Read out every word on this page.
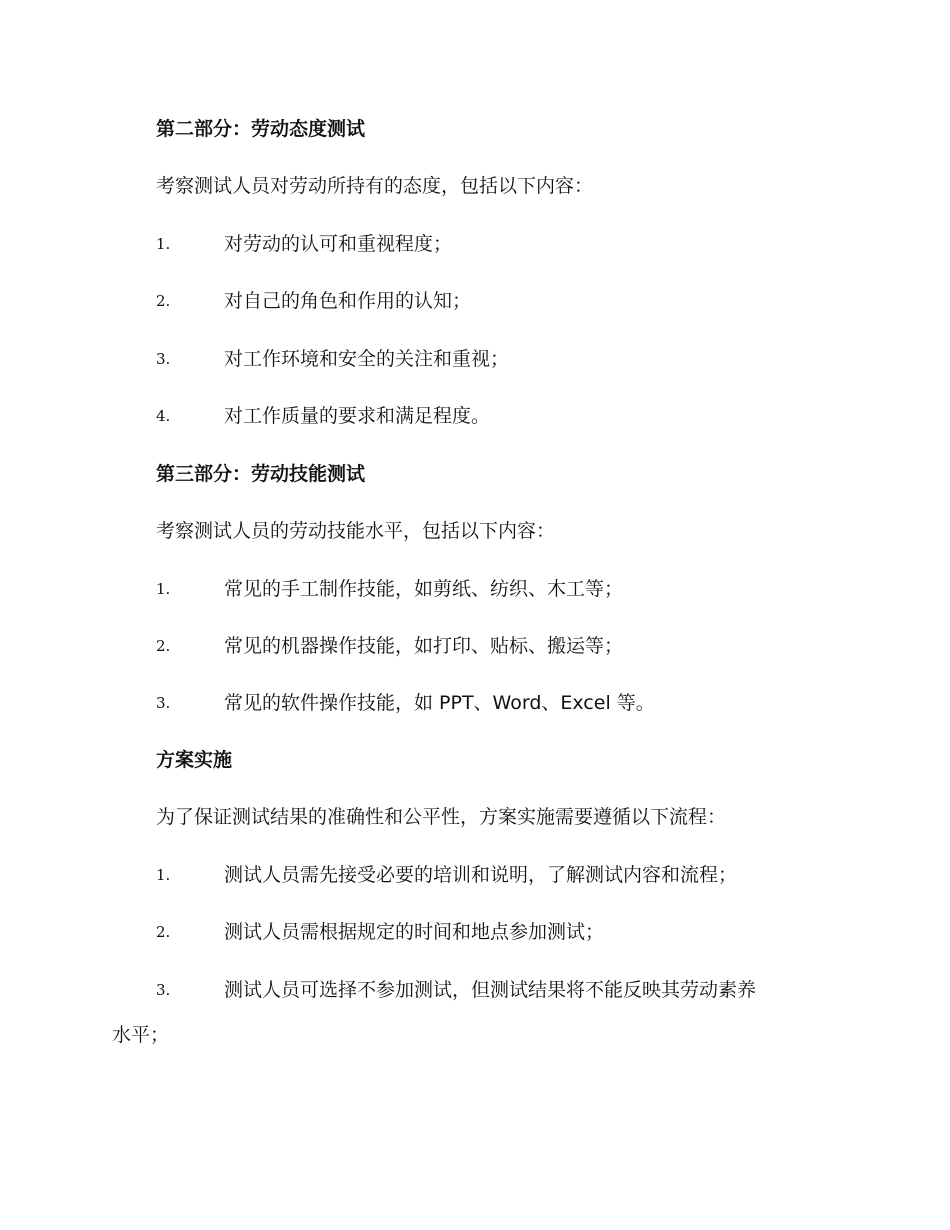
第二部分：劳动态度测试
考察测试人员对劳动所持有的态度，包括以下内容：
1.	对劳动的认可和重视程度；
2.	对自己的角色和作用的认知；
3.	对工作环境和安全的关注和重视；
4.	对工作质量的要求和满足程度。
第三部分：劳动技能测试
考察测试人员的劳动技能水平，包括以下内容：
1.	常见的手工制作技能，如剪纸、纺织、木工等；
2.	常见的机器操作技能，如打印、贴标、搬运等；
3.	常见的软件操作技能，如 PPT、Word、Excel 等。
方案实施
为了保证测试结果的准确性和公平性，方案实施需要遵循以下流程：
1.	测试人员需先接受必要的培训和说明，了解测试内容和流程；
2.	测试人员需根据规定的时间和地点参加测试；
3.	测试人员可选择不参加测试，但测试结果将不能反映其劳动素养
水平；
